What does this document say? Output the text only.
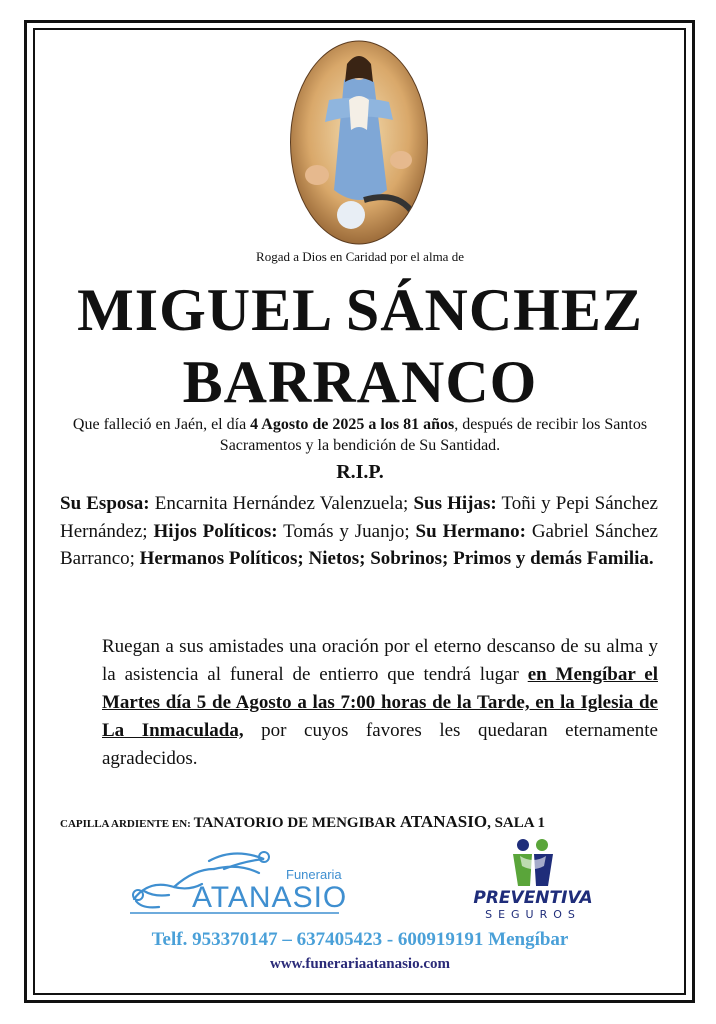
Rogad a Dios en Caridad por el alma de
MIGUEL SÁNCHEZ
BARRANCO
Que falleció en Jaén, el día 4 Agosto de 2025 a los 81 años, después de recibir los Santos Sacramentos y la bendición de Su Santidad.
R.I.P.
Su Esposa: Encarnita Hernández Valenzuela; Sus Hijas: Toñi y Pepi Sánchez Hernández; Hijos Políticos: Tomás y Juanjo; Su Hermano: Gabriel Sánchez Barranco; Hermanos Políticos; Nietos; Sobrinos; Primos y demás Familia.
Ruegan a sus amistades una oración por el eterno descanso de su alma y la asistencia al funeral de entierro que tendrá lugar en Mengíbar el Martes día 5 de Agosto a las 7:00 horas de la Tarde, en la Iglesia de La Inmaculada, por cuyos favores les quedaran eternamente agradecidos.
CAPILLA ARDIENTE EN: TANATORIO DE MENGIBAR ATANASIO, SALA 1
Funeraria
ATANASIO	PREVENTIVA
SEGUROS
Telf. 953370147 – 637405423 - 600919191 Mengíbar
www.funerariaatanasio.com
